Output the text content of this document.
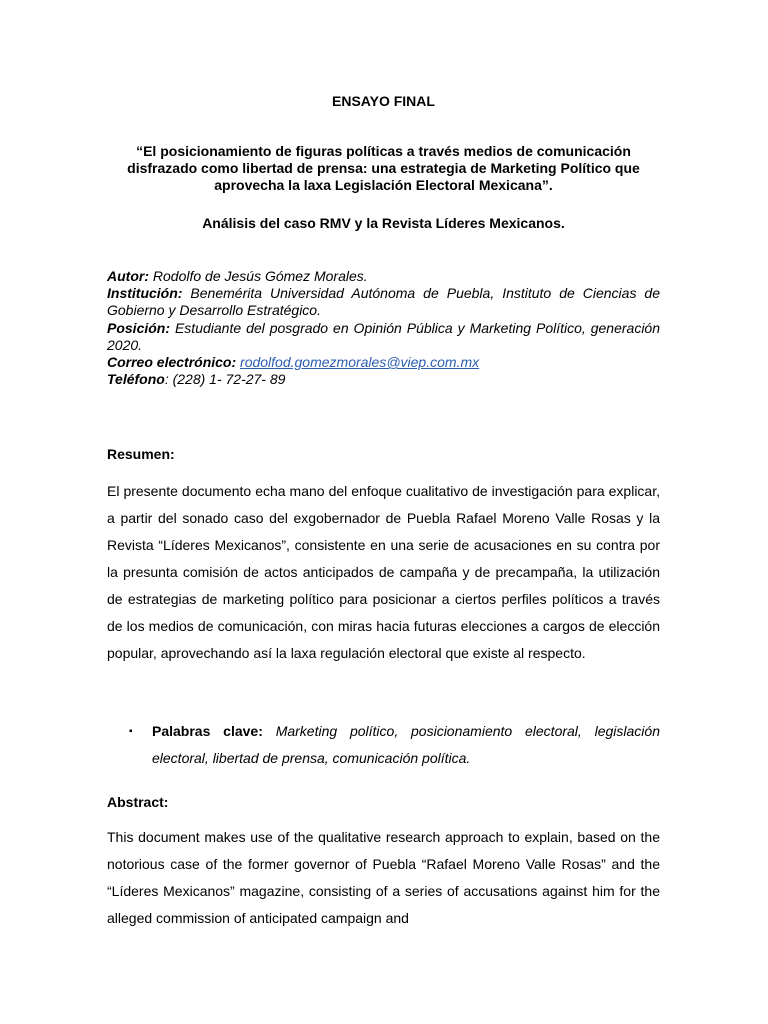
ENSAYO FINAL
“El posicionamiento de figuras políticas a través medios de comunicación disfrazado como libertad de prensa: una estrategia de Marketing Político que aprovecha la laxa Legislación Electoral Mexicana”.
Análisis del caso RMV y la Revista Líderes Mexicanos.

Autor: Rodolfo de Jesús Gómez Morales.

Institución: Benemérita Universidad Autónoma de Puebla, Instituto de Ciencias de Gobierno y Desarrollo Estratégico.

Posición: Estudiante del posgrado en Opinión Pública y Marketing Político, generación 2020.

Correo electrónico: rodolfod.gomezmorales@viep.com.mx

Teléfono: (228) 1- 72-27- 89

Resumen:

El presente documento echa mano del enfoque cualitativo de investigación para explicar, a partir del sonado caso del exgobernador de Puebla Rafael Moreno Valle Rosas y la Revista “Líderes Mexicanos”, consistente en una serie de acusaciones en su contra por la presunta comisión de actos anticipados de campaña y de precampaña, la utilización de estrategias de marketing político para posicionar a ciertos perfiles políticos a través de los medios de comunicación, con miras hacia futuras elecciones a cargos de elección popular, aprovechando así la laxa regulación electoral que existe al respecto.

▪ Palabras clave: Marketing político, posicionamiento electoral, legislación electoral, libertad de prensa, comunicación política.

Abstract:

This document makes use of the qualitative research approach to explain, based on the notorious case of the former governor of Puebla “Rafael Moreno Valle Rosas” and the “Líderes Mexicanos” magazine, consisting of a series of accusations against him for the alleged commission of anticipated campaign and
